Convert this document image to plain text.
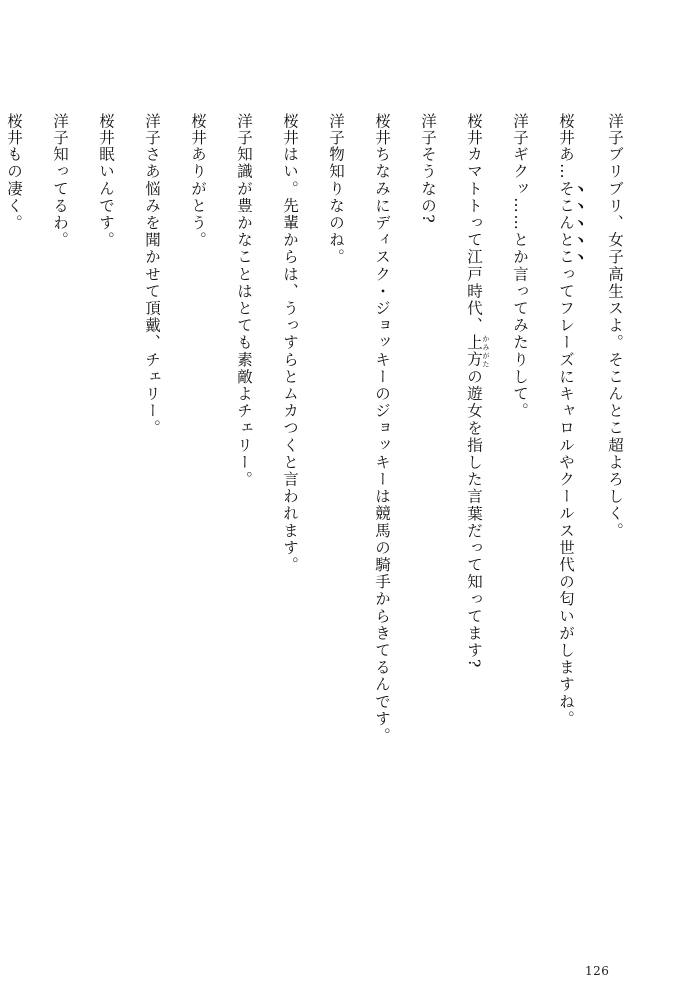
洋子ブリブリ、女子高生スよ。そこんとこ超よろしく。
桜井あ…そこんとこってフレーズにキャロルやクールス世代の匂いがしますね。
洋子ギクッ……とか言ってみたりして。
桜井カマトトって江戸時代、上方 かみがたの遊女を指した言葉だって知ってます?
洋子そうなの?
桜井ちなみにディスク・ジョッキーのジョッキーは競馬の騎手からきてるんです。
洋子物知りなのね。
桜井はい。先輩からは、うっすらとムカつくと言われます。
洋子知識が豊かなことはとても素敵よチェリー。
桜井ありがとう。
洋子さあ悩みを聞かせて頂戴、チェリー。
桜井眠いんです。
洋子知ってるわ。
桜井もの凄く。
126
